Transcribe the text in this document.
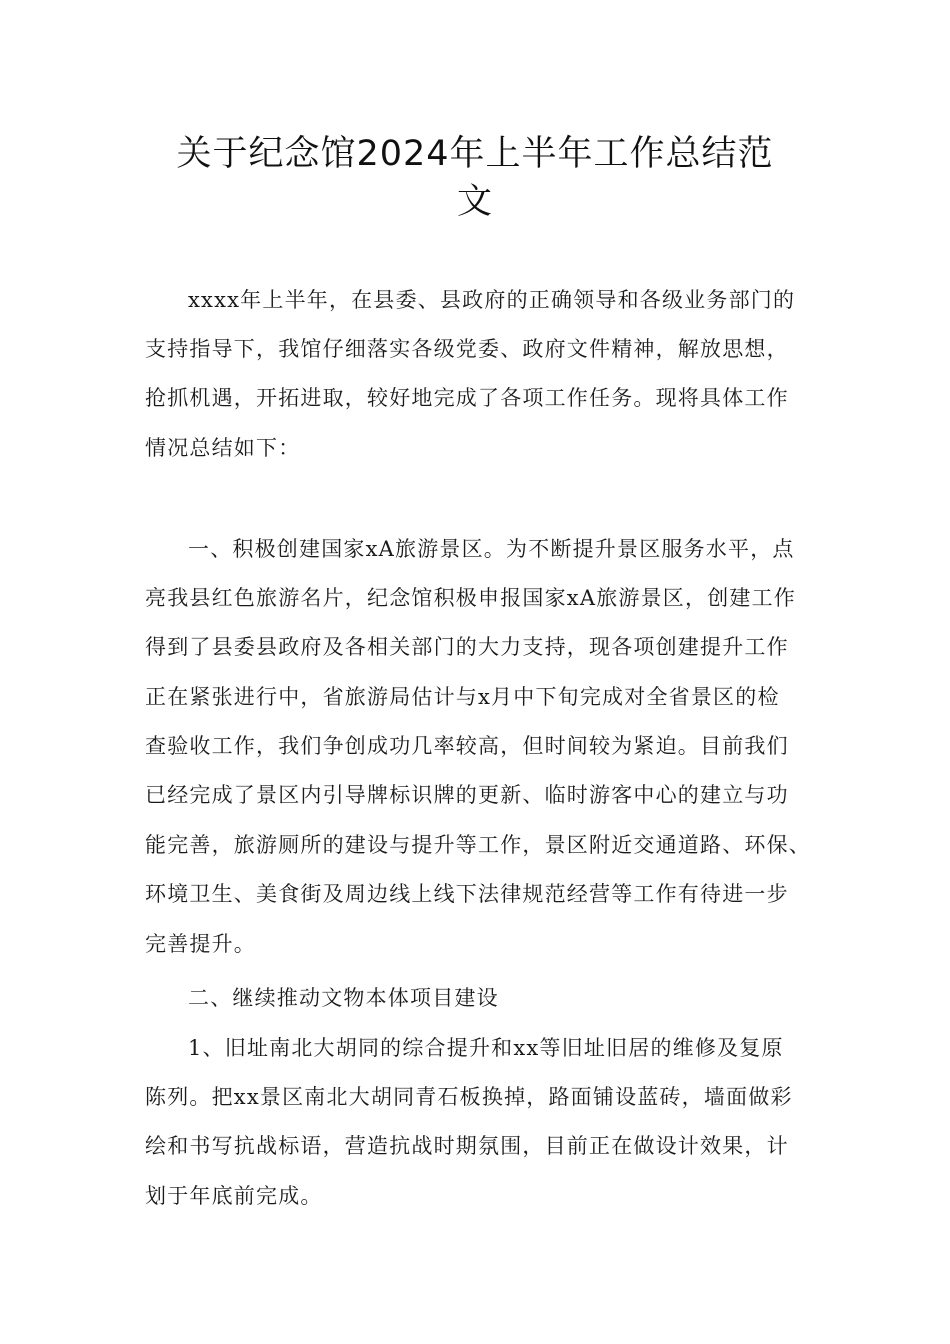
关于纪念馆2024年上半年工作总结范
文
xxxx年上半年，在县委、县政府的正确领导和各级业务部门的
支持指导下，我馆仔细落实各级党委、政府文件精神，解放思想，
抢抓机遇，开拓进取，较好地完成了各项工作任务。现将具体工作
情况总结如下：
一、积极创建国家xA旅游景区。为不断提升景区服务水平，点
亮我县红色旅游名片，纪念馆积极申报国家xA旅游景区，创建工作
得到了县委县政府及各相关部门的大力支持，现各项创建提升工作
正在紧张进行中，省旅游局估计与x月中下旬完成对全省景区的检
查验收工作，我们争创成功几率较高，但时间较为紧迫。目前我们
已经完成了景区内引导牌标识牌的更新、临时游客中心的建立与功
能完善，旅游厕所的建设与提升等工作，景区附近交通道路、环保、
环境卫生、美食街及周边线上线下法律规范经营等工作有待进一步
完善提升。
二、继续推动文物本体项目建设
1、旧址南北大胡同的综合提升和xx等旧址旧居的维修及复原
陈列。把xx景区南北大胡同青石板换掉，路面铺设蓝砖，墙面做彩
绘和书写抗战标语，营造抗战时期氛围，目前正在做设计效果，计
划于年底前完成。
